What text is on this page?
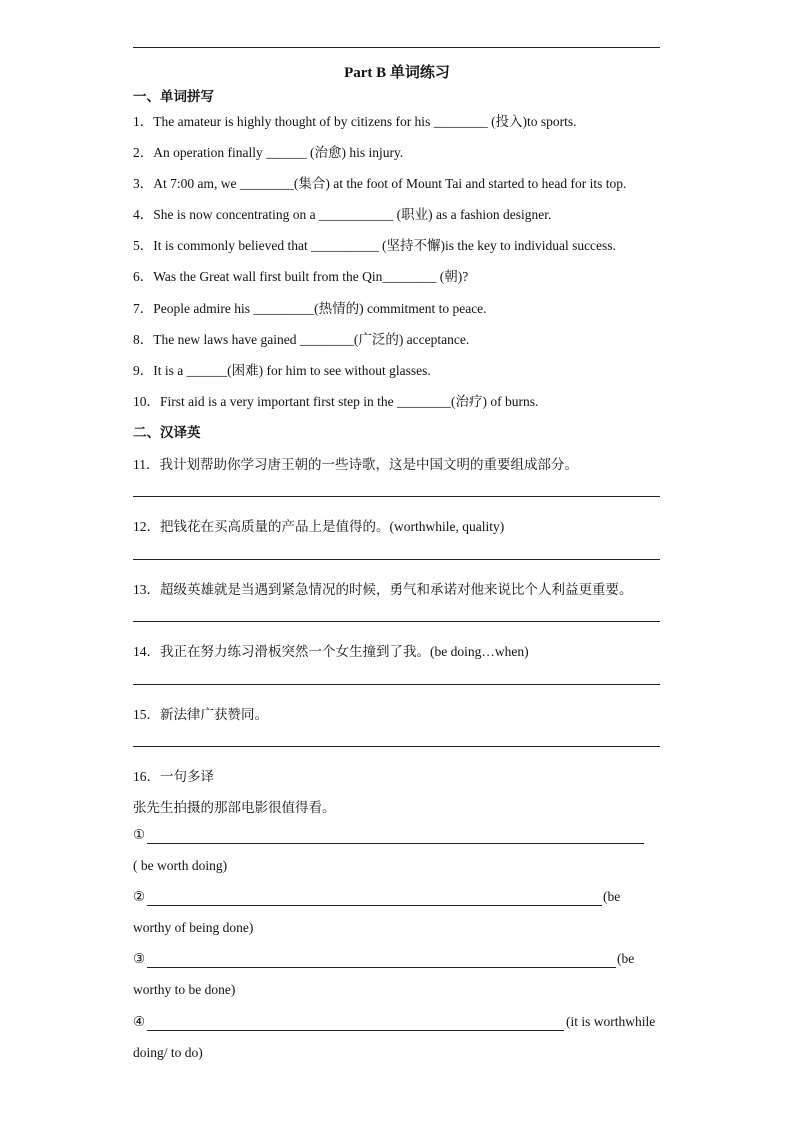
Part B 单词练习
一、单词拼写
1．The amateur is highly thought of by citizens for his ________ (投入)to sports.
2．An operation finally ______ (治愈) his injury.
3．At 7:00 am, we ________(集合) at the foot of Mount Tai and started to head for its top.
4．She is now concentrating on a ___________ (职业) as a fashion designer.
5．It is commonly believed that __________ (坚持不懈)is the key to individual success.
6．Was the Great wall first built from the Qin________ (朝)?
7．People admire his _________(热情的) commitment to peace.
8．The new laws have gained ________(广泛的) acceptance.
9．It is a ______(困难) for him to see without glasses.
10．First aid is a very important first step in the ________(治疗) of burns.
二、汉译英
11．我计划帮助你学习唐王朝的一些诗歌，这是中国文明的重要组成部分。
12．把钱花在买高质量的产品上是值得的。(worthwhile, quality)
13．超级英雄就是当遇到紧急情况的时候，勇气和承诺对他来说比个人利益更重要。
14．我正在努力练习滑板突然一个女生撞到了我。(be doing…when)
15．新法律广获赞同。
16．一句多译
张先生拍摄的那部电影很值得看。
①
( be worth doing)
②	(be
worthy of being done)
③	(be
worthy to be done)
④	(it is worthwhile
doing/ to do)
